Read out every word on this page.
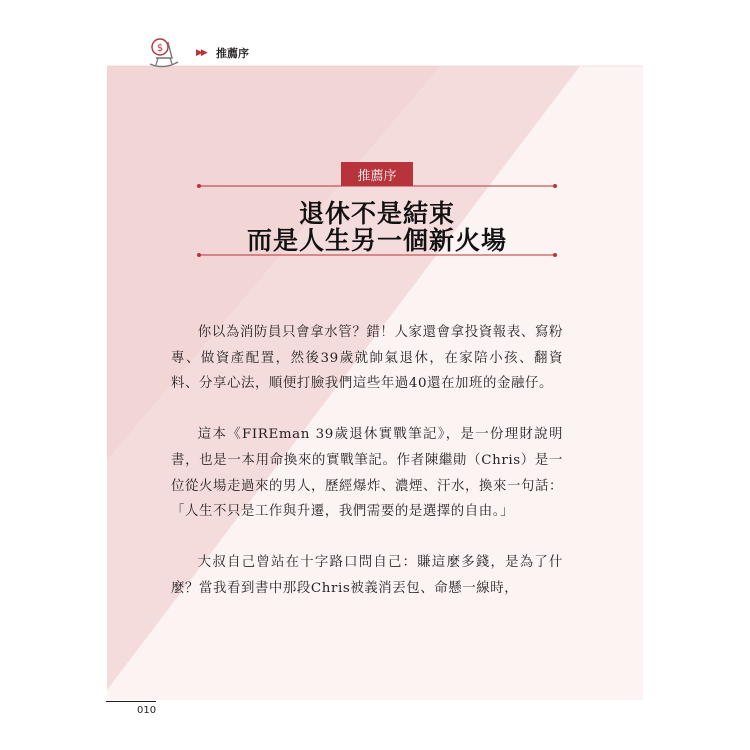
$	▶▶ 推薦序
推薦序
退休不是結束
而是人生另一個新火場

你以為消防員只會拿水管？錯！人家還會拿投資報表、寫粉專、做資產配置，然後39歲就帥氣退休，在家陪小孩、翻資料、分享心法，順便打臉我們這些年過40還在加班的金融仔。

這本《FIREman 39歲退休實戰筆記》，是一份理財說明書，也是一本用命換來的實戰筆記。作者陳繼勛（Chris）是一位從火場走過來的男人，歷經爆炸、濃煙、汗水，換來一句話：「人生不只是工作與升遷，我們需要的是選擇的自由。」

大叔自己曾站在十字路口問自己：賺這麼多錢，是為了什麼？當我看到書中那段Chris被義消丟包、命懸一線時，

010
